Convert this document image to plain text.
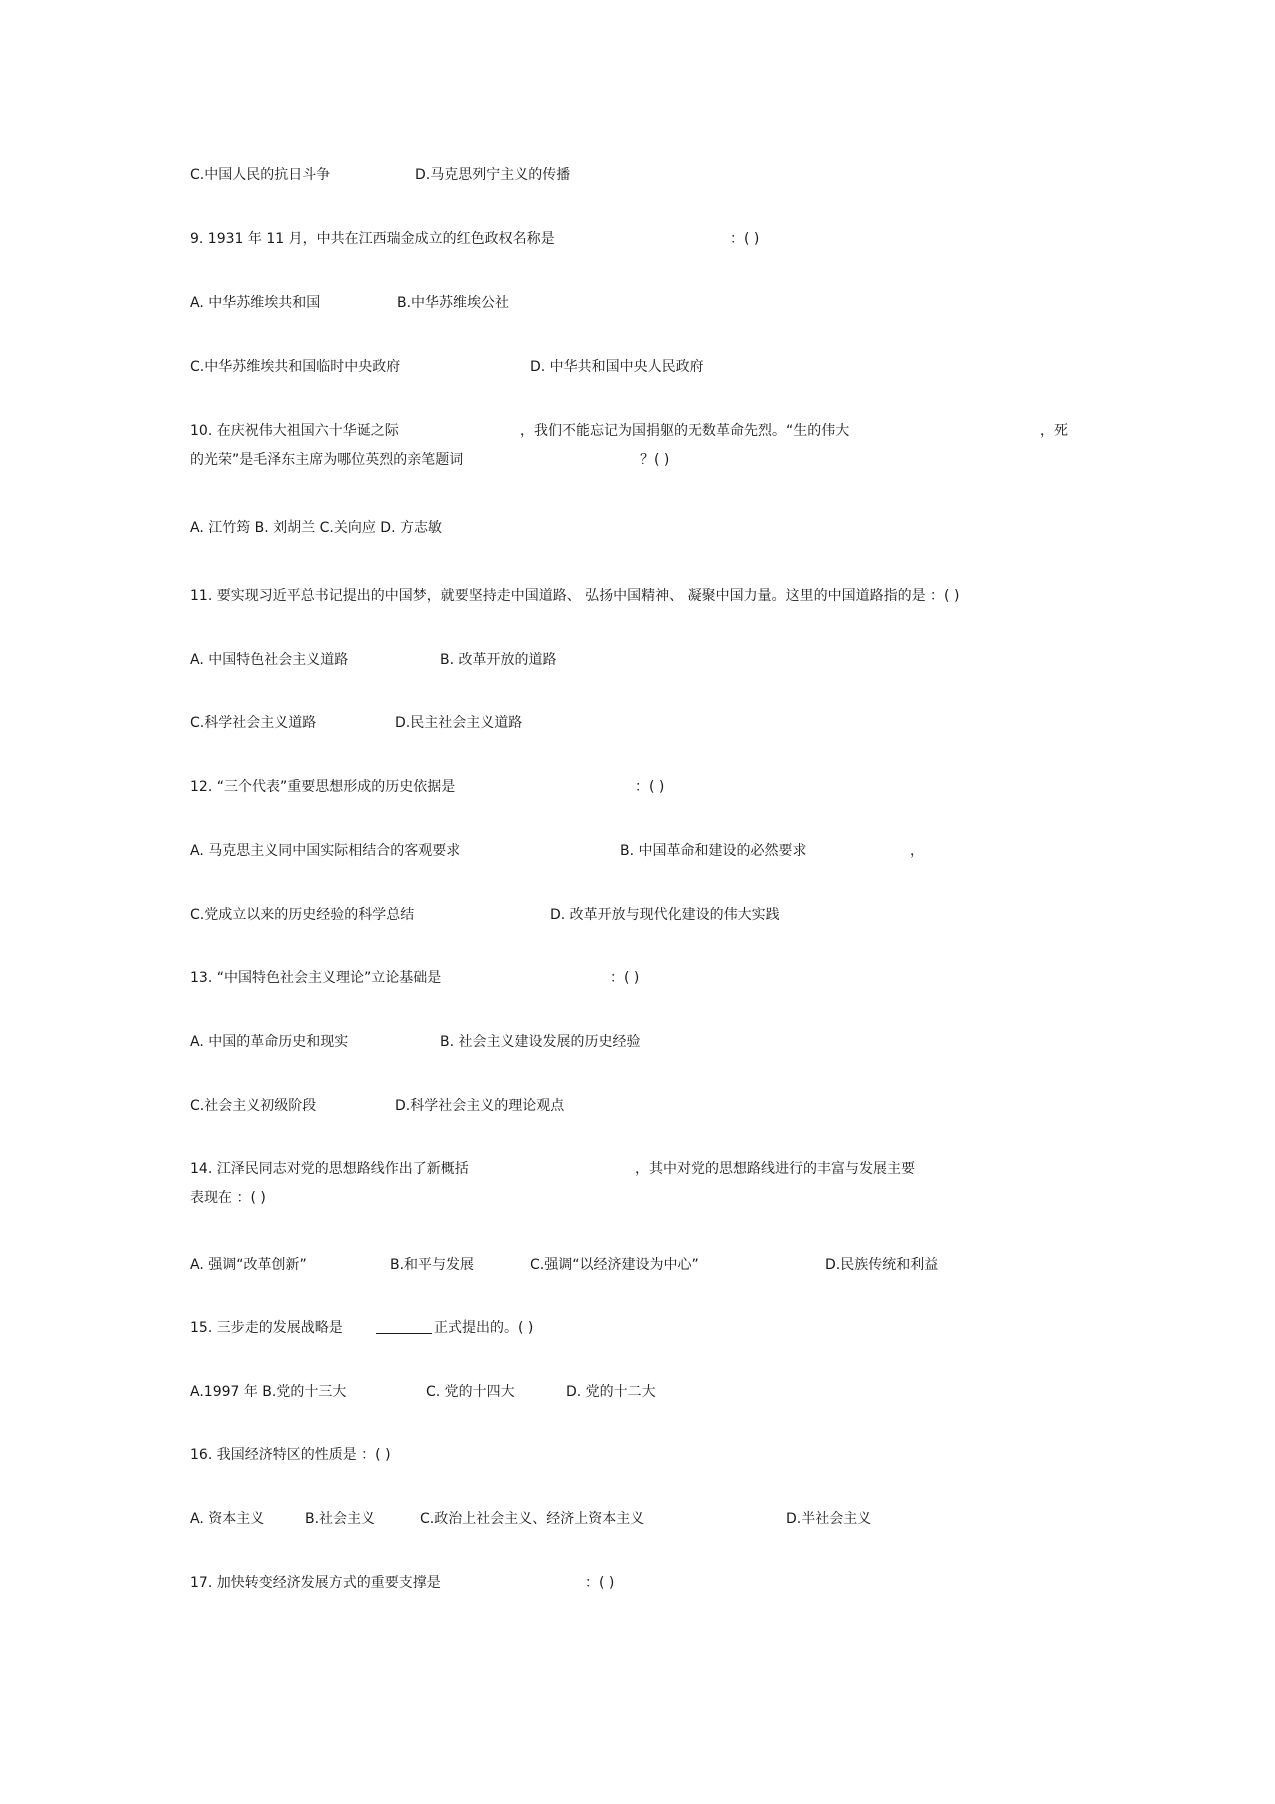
C.中国人民的抗日斗争	D.马克思列宁主义的传播
9. 1931 年 11 月，中共在江西瑞金成立的红色政权名称是	：( )
A. 中华苏维埃共和国	B.中华苏维埃公社
C.中华苏维埃共和国临时中央政府	D. 中华共和国中央人民政府
10. 在庆祝伟大祖国六十华诞之际	，我们不能忘记为国捐躯的无数革命先烈。“生的伟大	，死
的光荣”是毛泽东主席为哪位英烈的亲笔题词	？( )
A. 江竹筠 B. 刘胡兰 C.关向应 D. 方志敏
11. 要实现习近平总书记提出的中国梦，就要坚持走中国道路、 弘扬中国精神、 凝聚中国力量。这里的中国道路指的是 ：( )
A. 中国特色社会主义道路	B. 改革开放的道路
C.科学社会主义道路	D.民主社会主义道路
12. “三个代表”重要思想形成的历史依据是	：( )
A. 马克思主义同中国实际相结合的客观要求	B. 中国革命和建设的必然要求	，
C.党成立以来的历史经验的科学总结	D. 改革开放与现代化建设的伟大实践
13. “中国特色社会主义理论”立论基础是	：( )
A. 中国的革命历史和现实	B. 社会主义建设发展的历史经验
C.社会主义初级阶段	D.科学社会主义的理论观点
14. 江泽民同志对党的思想路线作出了新概括	，其中对党的思想路线进行的丰富与发展主要
表现在 ：( )
A. 强调“改革创新”	B.和平与发展	C.强调“以经济建设为中心”	D.民族传统和利益
15. 三步走的发展战略是	正式提出的。( )
A.1997 年 B.党的十三大	C. 党的十四大	D. 党的十二大
16. 我国经济特区的性质是 ：( )
A. 资本主义	B.社会主义	C.政治上社会主义、经济上资本主义	D.半社会主义
17. 加快转变经济发展方式的重要支撑是	：( )
